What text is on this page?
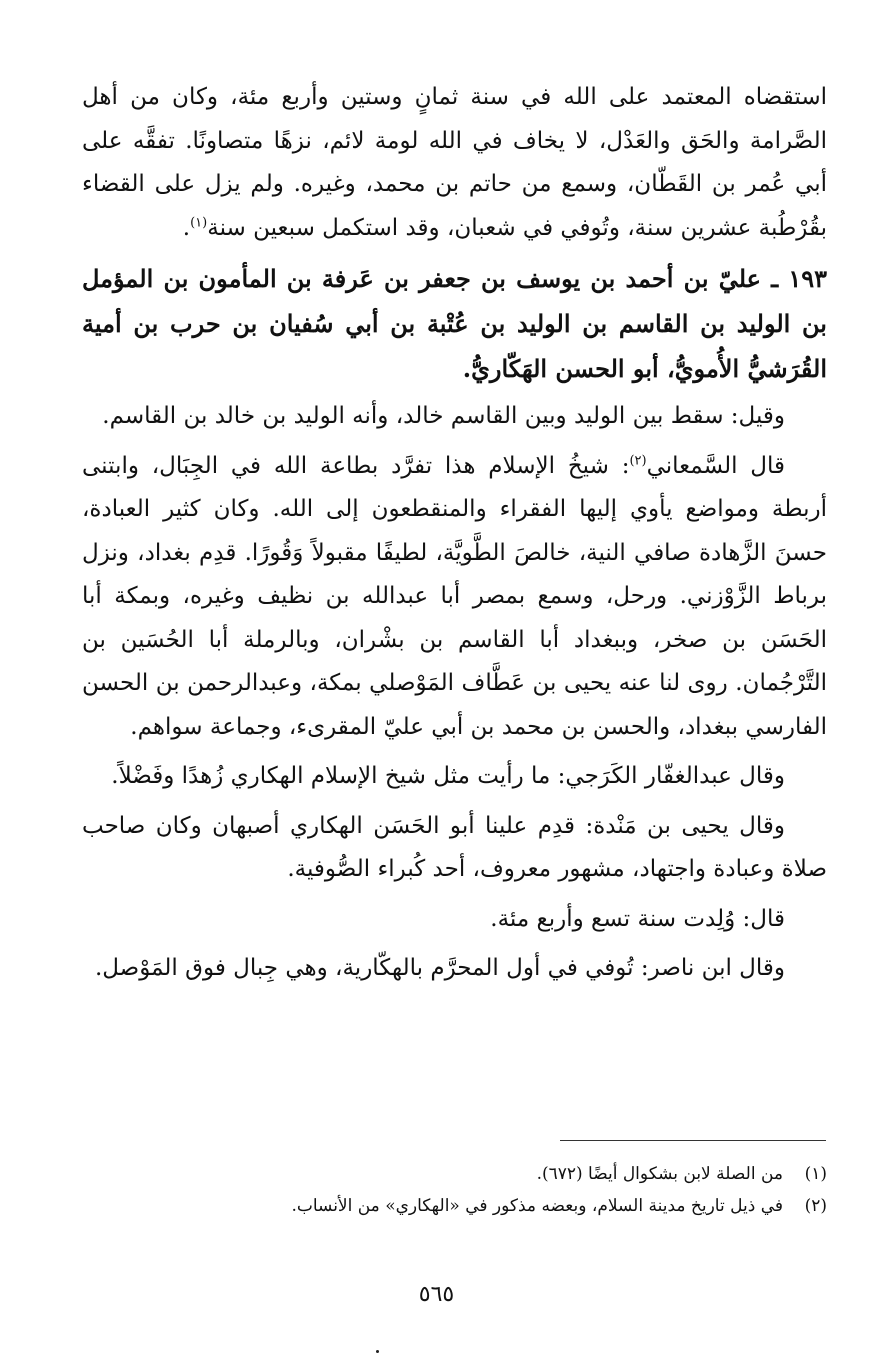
استقضاه المعتمد على الله في سنة ثمانٍ وستين وأربع مئة، وكان من أهل الصَّرامة والحَق والعَدْل، لا يخاف في الله لومة لائم، نزهًا متصاونًا. تفقَّه على أبي عُمر بن القَطّان، وسمع من حاتم بن محمد، وغيره. ولم يزل على القضاء بقُرْطُبة عشرين سنة، وتُوفي في شعبان، وقد استكمل سبعين سنة$^{(١)}$.

١٩٣ ـ عليّ بن أحمد بن يوسف بن جعفر بن عَرفة بن المأمون بن المؤمل بن الوليد بن القاسم بن الوليد بن عُتْبة بن أبي سُفيان بن حرب بن أمية القُرَشيُّ الأُمويُّ، أبو الحسن الهَكّاريُّ.

وقيل: سقط بين الوليد وبين القاسم خالد، وأنه الوليد بن خالد بن القاسم.

قال السَّمعاني$^{(٢)}$: شيخُ الإسلام هذا تفرَّد بطاعة الله في الجِبَال، وابتنى أربطة ومواضع يأوي إليها الفقراء والمنقطعون إلى الله. وكان كثير العبادة، حسنَ الزَّهادة صافي النية، خالصَ الطَّويَّة، لطيفًا مقبولاً وَقُورًا. قدِم بغداد، ونزل برباط الزَّوْزني. ورحل، وسمع بمصر أبا عبدالله بن نظيف وغيره، وبمكة أبا الحَسَن بن صخر، وببغداد أبا القاسم بن بشْران، وبالرملة أبا الحُسَين بن التَّرْجُمان. روى لنا عنه يحيى بن عَطَّاف المَوْصلي بمكة، وعبدالرحمن بن الحسن الفارسي ببغداد، والحسن بن محمد بن أبي عليّ المقرىء، وجماعة سواهم.

وقال عبدالغفّار الكَرَجي: ما رأيت مثل شيخ الإسلام الهكاري زُهدًا وفَضْلاً.

وقال يحيى بن مَنْدة: قدِم علينا أبو الحَسَن الهكاري أصبهان وكان صاحب صلاة وعبادة واجتهاد، مشهور معروف، أحد كُبراء الصُّوفية.

قال: وُلِدت سنة تسع وأربع مئة.

وقال ابن ناصر: تُوفي في أول المحرَّم بالهكّارية، وهي جِبال فوق المَوْصل.

(١)
من الصلة لابن بشكوال أيضًا (٦٧٢).
(٢)
في ذيل تاريخ مدينة السلام، وبعضه مذكور في «الهكاري» من الأنساب.
٥٦٥
